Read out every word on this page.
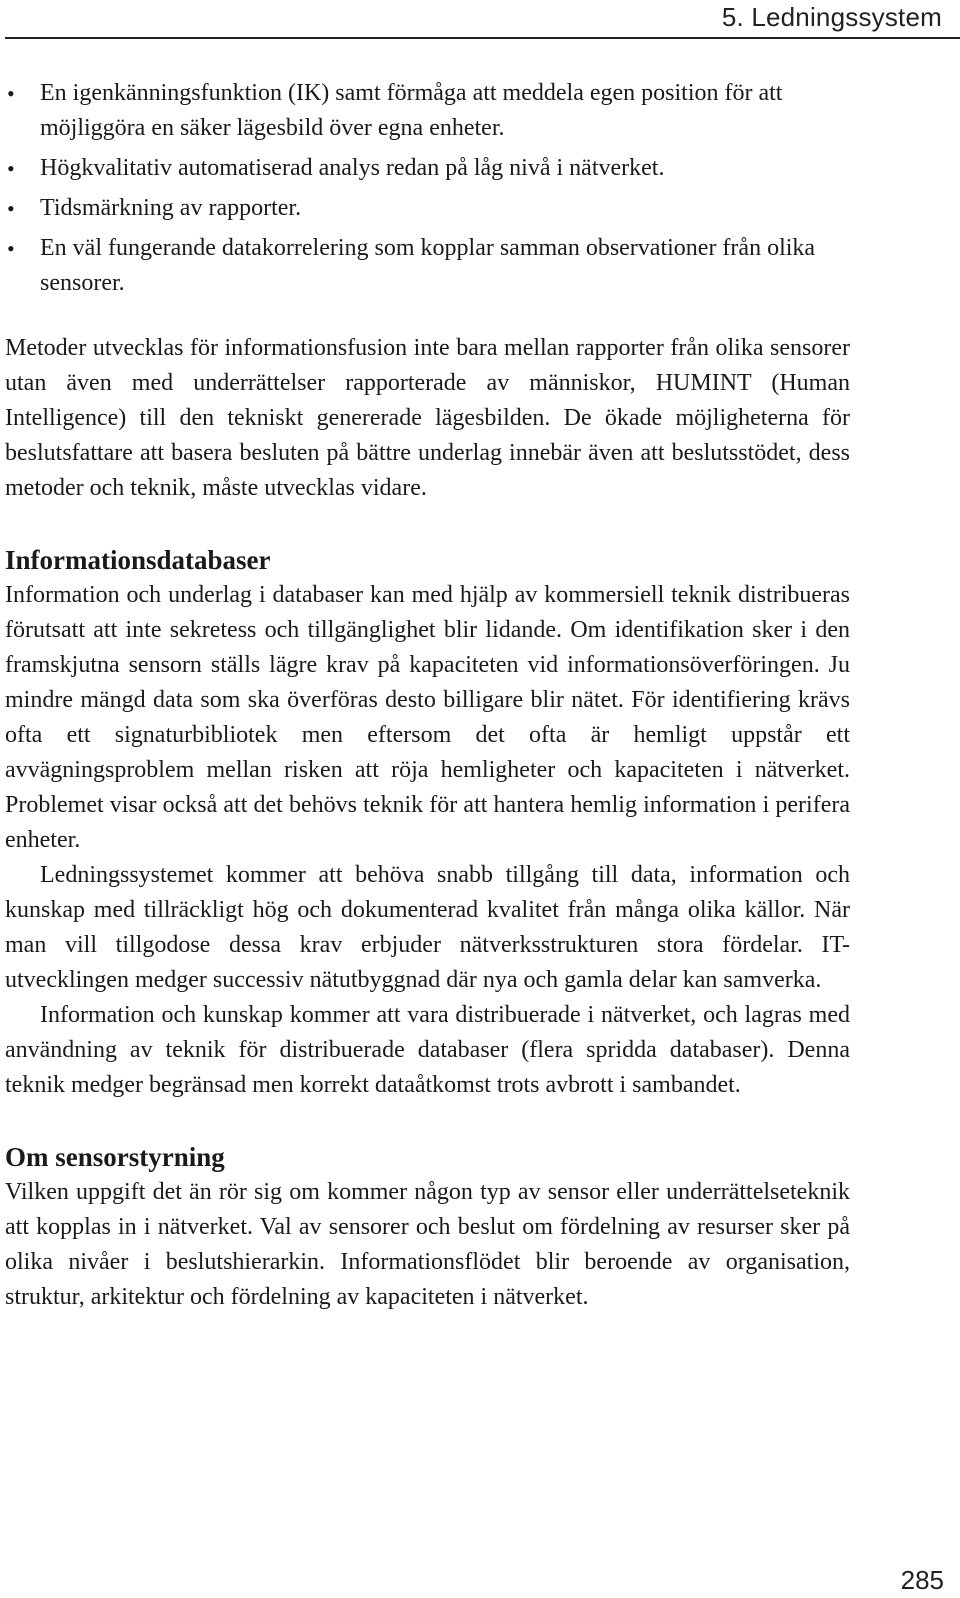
5. Ledningssystem
• En igenkänningsfunktion (IK) samt förmåga att meddela egen position för att möjliggöra en säker lägesbild över egna enheter.
• Högkvalitativ automatiserad analys redan på låg nivå i nätverket.
• Tidsmärkning av rapporter.
• En väl fungerande datakorrelering som kopplar samman observationer från olika sensorer.

Metoder utvecklas för informationsfusion inte bara mellan rapporter från olika sensorer utan även med underrättelser rapporterade av människor, HUMINT (Human Intelligence) till den tekniskt genererade lägesbilden. De ökade möjligheterna för beslutsfattare att basera besluten på bättre underlag innebär även att beslutsstödet, dess metoder och teknik, måste utvecklas vidare.

Informationsdatabaser

Information och underlag i databaser kan med hjälp av kommersiell teknik distribueras förutsatt att inte sekretess och tillgänglighet blir lidande. Om identifikation sker i den framskjutna sensorn ställs lägre krav på kapaciteten vid informationsöverföringen. Ju mindre mängd data som ska överföras desto billigare blir nätet. För identifiering krävs ofta ett signaturbibliotek men eftersom det ofta är hemligt uppstår ett avvägningsproblem mellan risken att röja hemligheter och kapaciteten i nätverket. Problemet visar också att det behövs teknik för att hantera hemlig information i perifera enheter.

Ledningssystemet kommer att behöva snabb tillgång till data, information och kunskap med tillräckligt hög och dokumenterad kvalitet från många olika källor. När man vill tillgodose dessa krav erbjuder nätverksstrukturen stora fördelar. IT-utvecklingen medger successiv nätutbyggnad där nya och gamla delar kan samverka.

Information och kunskap kommer att vara distribuerade i nätverket, och lagras med användning av teknik för distribuerade databaser (flera spridda databaser). Denna teknik medger begränsad men korrekt dataåtkomst trots avbrott i sambandet.

Om sensorstyrning

Vilken uppgift det än rör sig om kommer någon typ av sensor eller underrättelseteknik att kopplas in i nätverket. Val av sensorer och beslut om fördelning av resurser sker på olika nivåer i beslutshierarkin. Informationsflödet blir beroende av organisation, struktur, arkitektur och fördelning av kapaciteten i nätverket.

285
